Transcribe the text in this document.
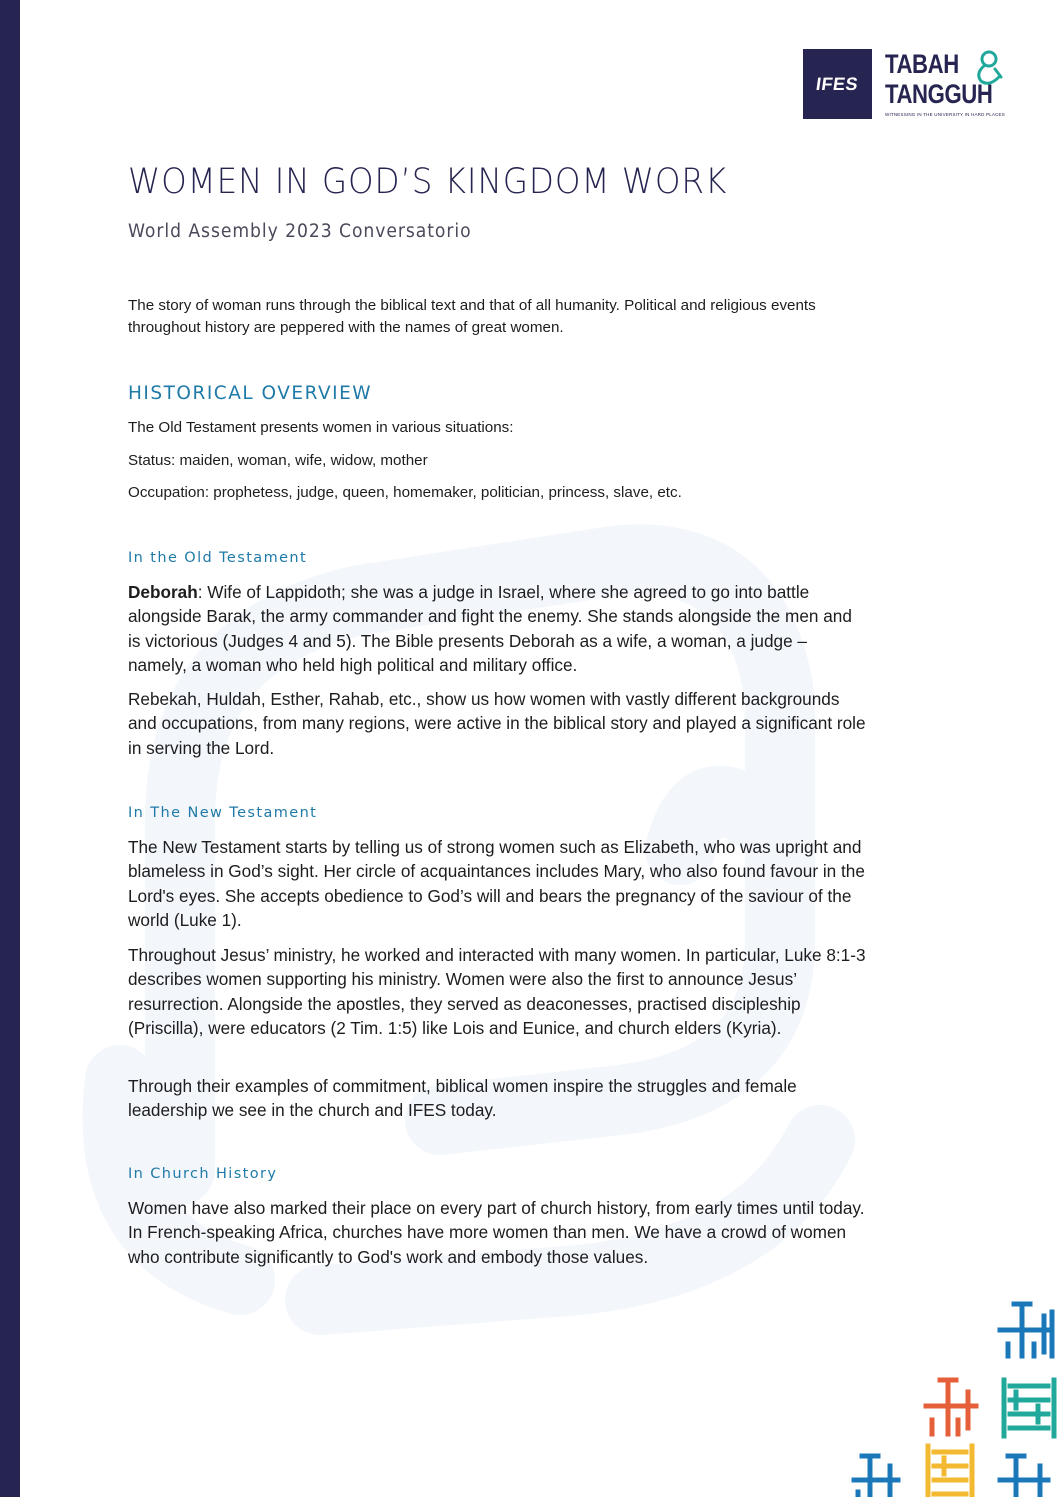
IFES
TABAH
TANGGUH
WITNESSING IN THE UNIVERSITY IN HARD PLACES
WOMEN IN GOD’S KINGDOM WORK
World Assembly 2023 Conversatorio

The story of woman runs through the biblical text and that of all humanity. Political and religious events throughout history are peppered with the names of great women.

HISTORICAL OVERVIEW

The Old Testament presents women in various situations:

Status: maiden, woman, wife, widow, mother

Occupation: prophetess, judge, queen, homemaker, politician, princess, slave, etc.

In the Old Testament

Deborah: Wife of Lappidoth; she was a judge in Israel, where she agreed to go into battle alongside Barak, the army commander and fight the enemy. She stands alongside the men and is victorious (Judges 4 and 5). The Bible presents Deborah as a wife, a woman, a judge – namely, a woman who held high political and military office.

Rebekah, Huldah, Esther, Rahab, etc., show us how women with vastly different backgrounds and occupations, from many regions, were active in the biblical story and played a significant role in serving the Lord.

In The New Testament

The New Testament starts by telling us of strong women such as Elizabeth, who was upright and blameless in God’s sight. Her circle of acquaintances includes Mary, who also found favour in the Lord's eyes. She accepts obedience to God’s will and bears the pregnancy of the saviour of the world (Luke 1).

Throughout Jesus’ ministry, he worked and interacted with many women. In particular, Luke 8:1-3 describes women supporting his ministry. Women were also the first to announce Jesus’ resurrection. Alongside the apostles, they served as deaconesses, practised discipleship (Priscilla), were educators (2 Tim. 1:5) like Lois and Eunice, and church elders (Kyria).

Through their examples of commitment, biblical women inspire the struggles and female leadership we see in the church and IFES today.

In Church History

Women have also marked their place on every part of church history, from early times until today. In French-speaking Africa, churches have more women than men. We have a crowd of women who contribute significantly to God's work and embody those values.
